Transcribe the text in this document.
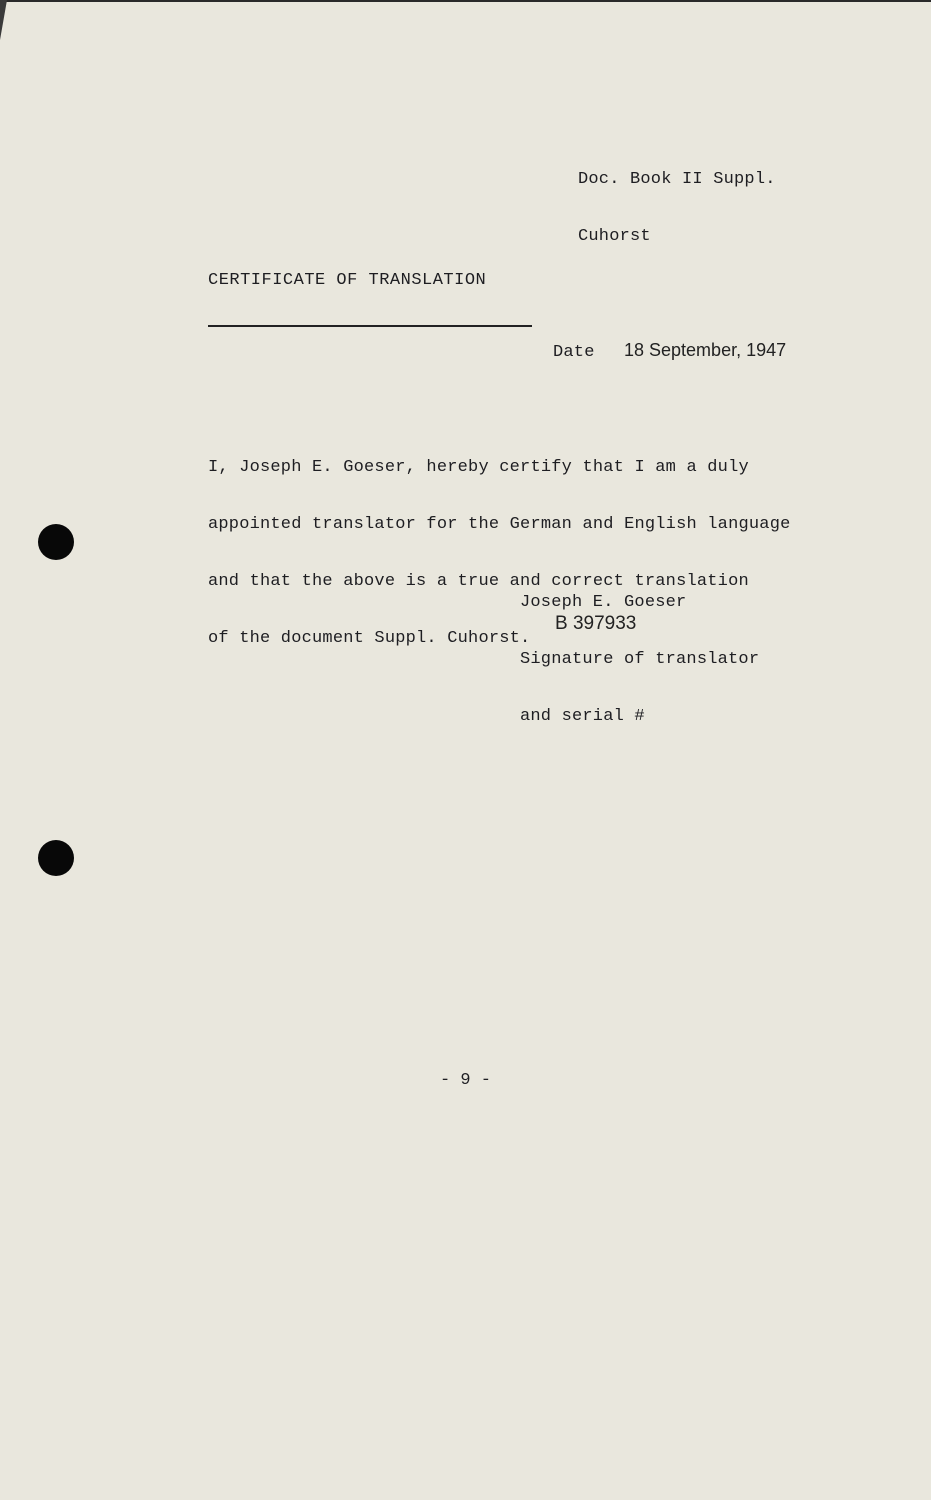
Doc. Book II Suppl.

Cuhorst

CERTIFICATE OF TRANSLATION
Date 18 September, 1947

I, Joseph E. Goeser, hereby certify that I am a duly

appointed translator for the German and English language

and that the above is a true and correct translation

of the document Suppl. Cuhorst.

Joseph E. Goeser

Signature of translator

and serial #

B 397933
- 9 -
